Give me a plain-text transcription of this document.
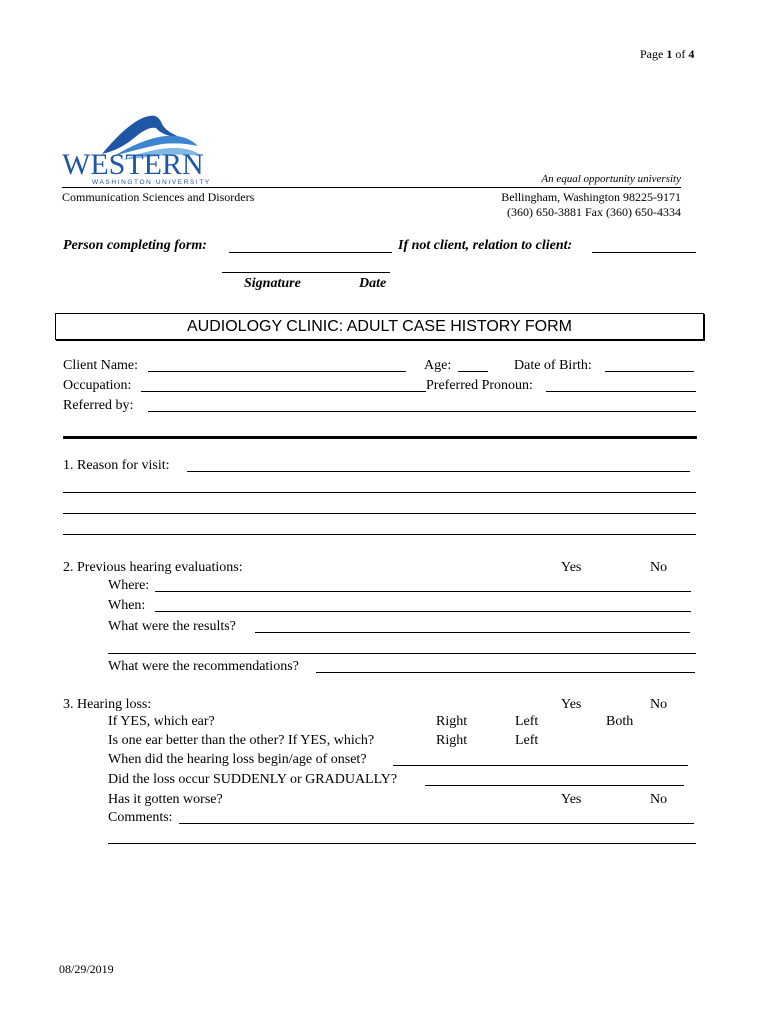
Page 1 of 4
WESTERN
WASHINGTON UNIVERSITY	An equal opportunity university
Communication Sciences and Disorders	Bellingham, Washington 98225-9171
(360) 650-3881 Fax (360) 650-4334
Person completing form:	If not client, relation to client:
Signature	Date
AUDIOLOGY CLINIC: ADULT CASE HISTORY FORM
Client Name:	Age:	Date of Birth:
Occupation:	Preferred Pronoun:
Referred by:
1. Reason for visit:
2. Previous hearing evaluations:	Yes	No
Where:
When:
What were the results?
What were the recommendations?
3. Hearing loss:	Yes	No
If YES, which ear?	Right	Left	Both
Is one ear better than the other? If YES, which?	Right	Left
When did the hearing loss begin/age of onset?
Did the loss occur SUDDENLY or GRADUALLY?
Has it gotten worse?	Yes	No
Comments:
08/29/2019
